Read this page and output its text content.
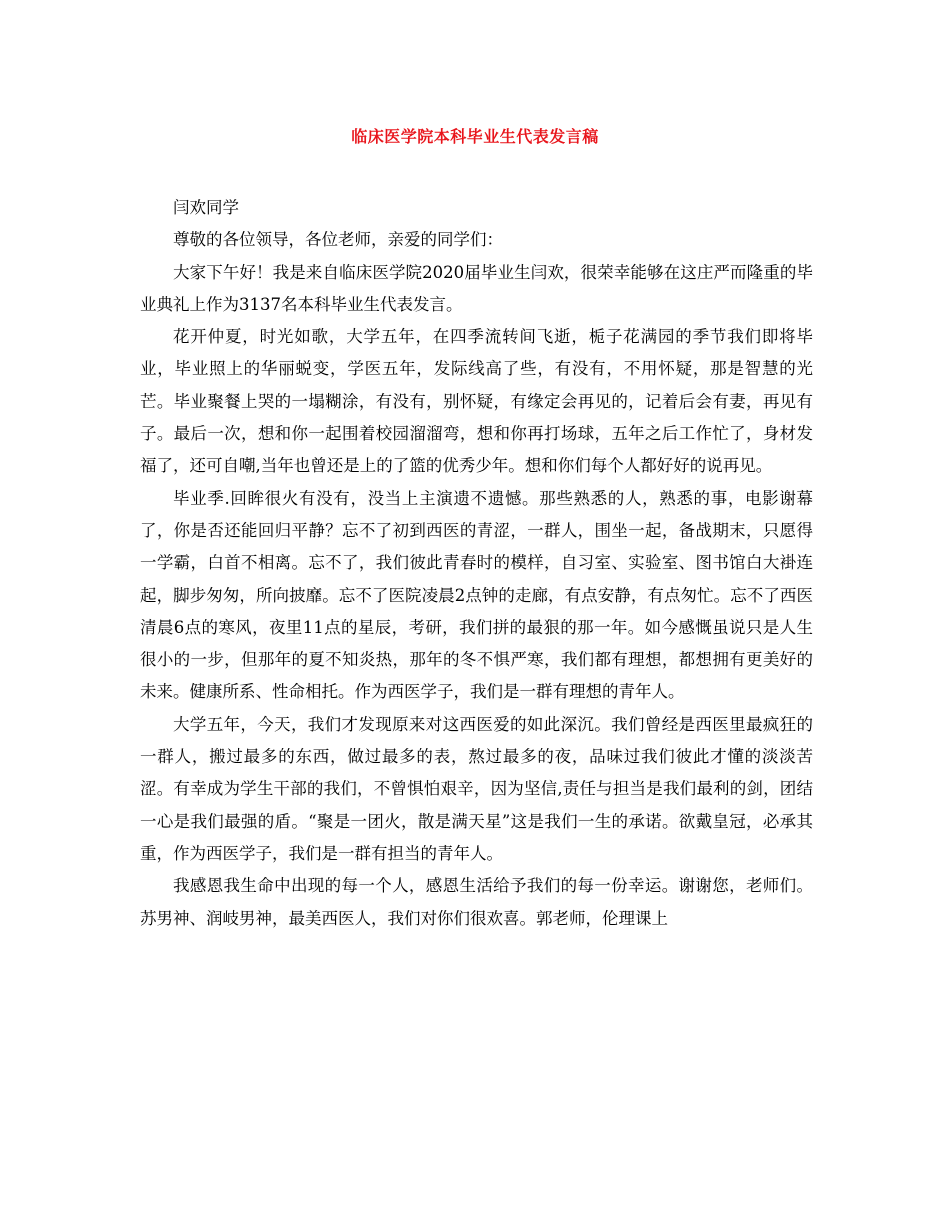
临床医学院本科毕业生代表发言稿

闫欢同学

尊敬的各位领导，各位老师，亲爱的同学们：

大家下午好！我是来自临床医学院2020届毕业生闫欢，很荣幸能够在这庄严而隆重的毕业典礼上作为3137名本科毕业生代表发言。

花开仲夏，时光如歌，大学五年，在四季流转间飞逝，栀子花满园的季节我们即将毕业，毕业照上的华丽蜕变，学医五年，发际线高了些，有没有，不用怀疑，那是智慧的光芒。毕业聚餐上哭的一塌糊涂，有没有，别怀疑，有缘定会再见的，记着后会有妻，再见有子。最后一次，想和你一起围着校园溜溜弯，想和你再打场球，五年之后工作忙了，身材发福了，还可自嘲,当年也曾还是上的了篮的优秀少年。想和你们每个人都好好的说再见。

毕业季.回眸很火有没有，没当上主演遗不遗憾。那些熟悉的人，熟悉的事，电影谢幕了，你是否还能回归平静？忘不了初到西医的青涩，一群人，围坐一起，备战期末，只愿得一学霸，白首不相离。忘不了，我们彼此青春时的模样，自习室、实验室、图书馆白大褂连起，脚步匆匆，所向披靡。忘不了医院凌晨2点钟的走廊，有点安静，有点匆忙。忘不了西医清晨6点的寒风，夜里11点的星辰，考研，我们拼的最狠的那一年。如今感慨虽说只是人生很小的一步，但那年的夏不知炎热，那年的冬不惧严寒，我们都有理想，都想拥有更美好的未来。健康所系、性命相托。作为西医学子，我们是一群有理想的青年人。

大学五年，今天，我们才发现原来对这西医爱的如此深沉。我们曾经是西医里最疯狂的一群人，搬过最多的东西，做过最多的表，熬过最多的夜，品味过我们彼此才懂的淡淡苦涩。有幸成为学生干部的我们，不曾惧怕艰辛，因为坚信,责任与担当是我们最利的剑，团结一心是我们最强的盾。“聚是一团火，散是满天星”这是我们一生的承诺。欲戴皇冠，必承其重，作为西医学子，我们是一群有担当的青年人。

我感恩我生命中出现的每一个人，感恩生活给予我们的每一份幸运。谢谢您，老师们。苏男神、润岐男神，最美西医人，我们对你们很欢喜。郭老师，伦理课上
